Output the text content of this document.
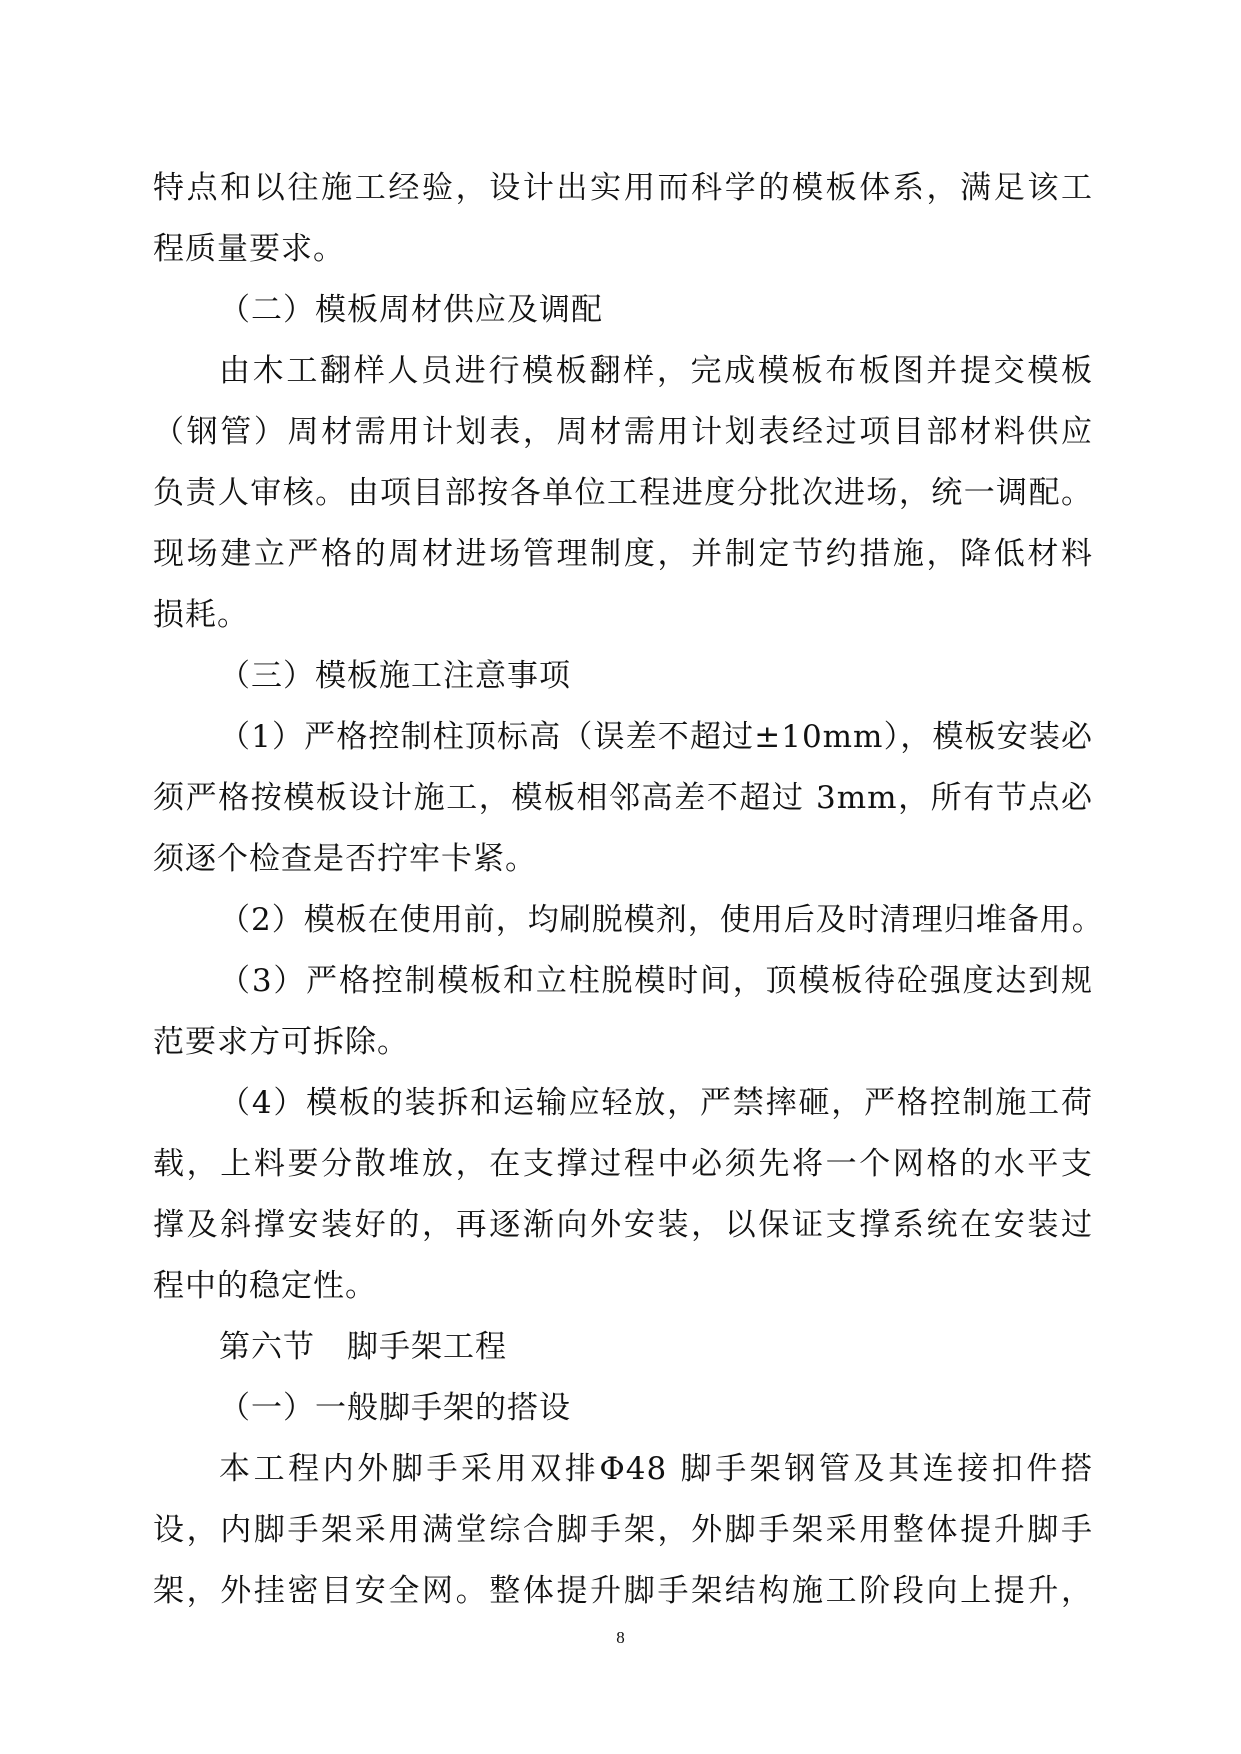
特点和以往施工经验，设计出实用而科学的模板体系，满足该工
程质量要求。
（二）模板周材供应及调配
由木工翻样人员进行模板翻样，完成模板布板图并提交模板
（钢管）周材需用计划表，周材需用计划表经过项目部材料供应
负责人审核。由项目部按各单位工程进度分批次进场，统一调配。
现场建立严格的周材进场管理制度，并制定节约措施，降低材料
损耗。
（三）模板施工注意事项
（1）严格控制柱顶标高（误差不超过±10mm），模板安装必
须严格按模板设计施工，模板相邻高差不超过 3mm，所有节点必
须逐个检查是否拧牢卡紧。
（2）模板在使用前，均刷脱模剂，使用后及时清理归堆备用。
（3）严格控制模板和立柱脱模时间，顶模板待砼强度达到规
范要求方可拆除。
（4）模板的装拆和运输应轻放，严禁摔砸，严格控制施工荷
载，上料要分散堆放，在支撑过程中必须先将一个网格的水平支
撑及斜撑安装好的，再逐渐向外安装，以保证支撑系统在安装过
程中的稳定性。
第六节　脚手架工程
（一）一般脚手架的搭设
本工程内外脚手采用双排Φ48 脚手架钢管及其连接扣件搭
设，内脚手架采用满堂综合脚手架，外脚手架采用整体提升脚手
架，外挂密目安全网。整体提升脚手架结构施工阶段向上提升，
8
